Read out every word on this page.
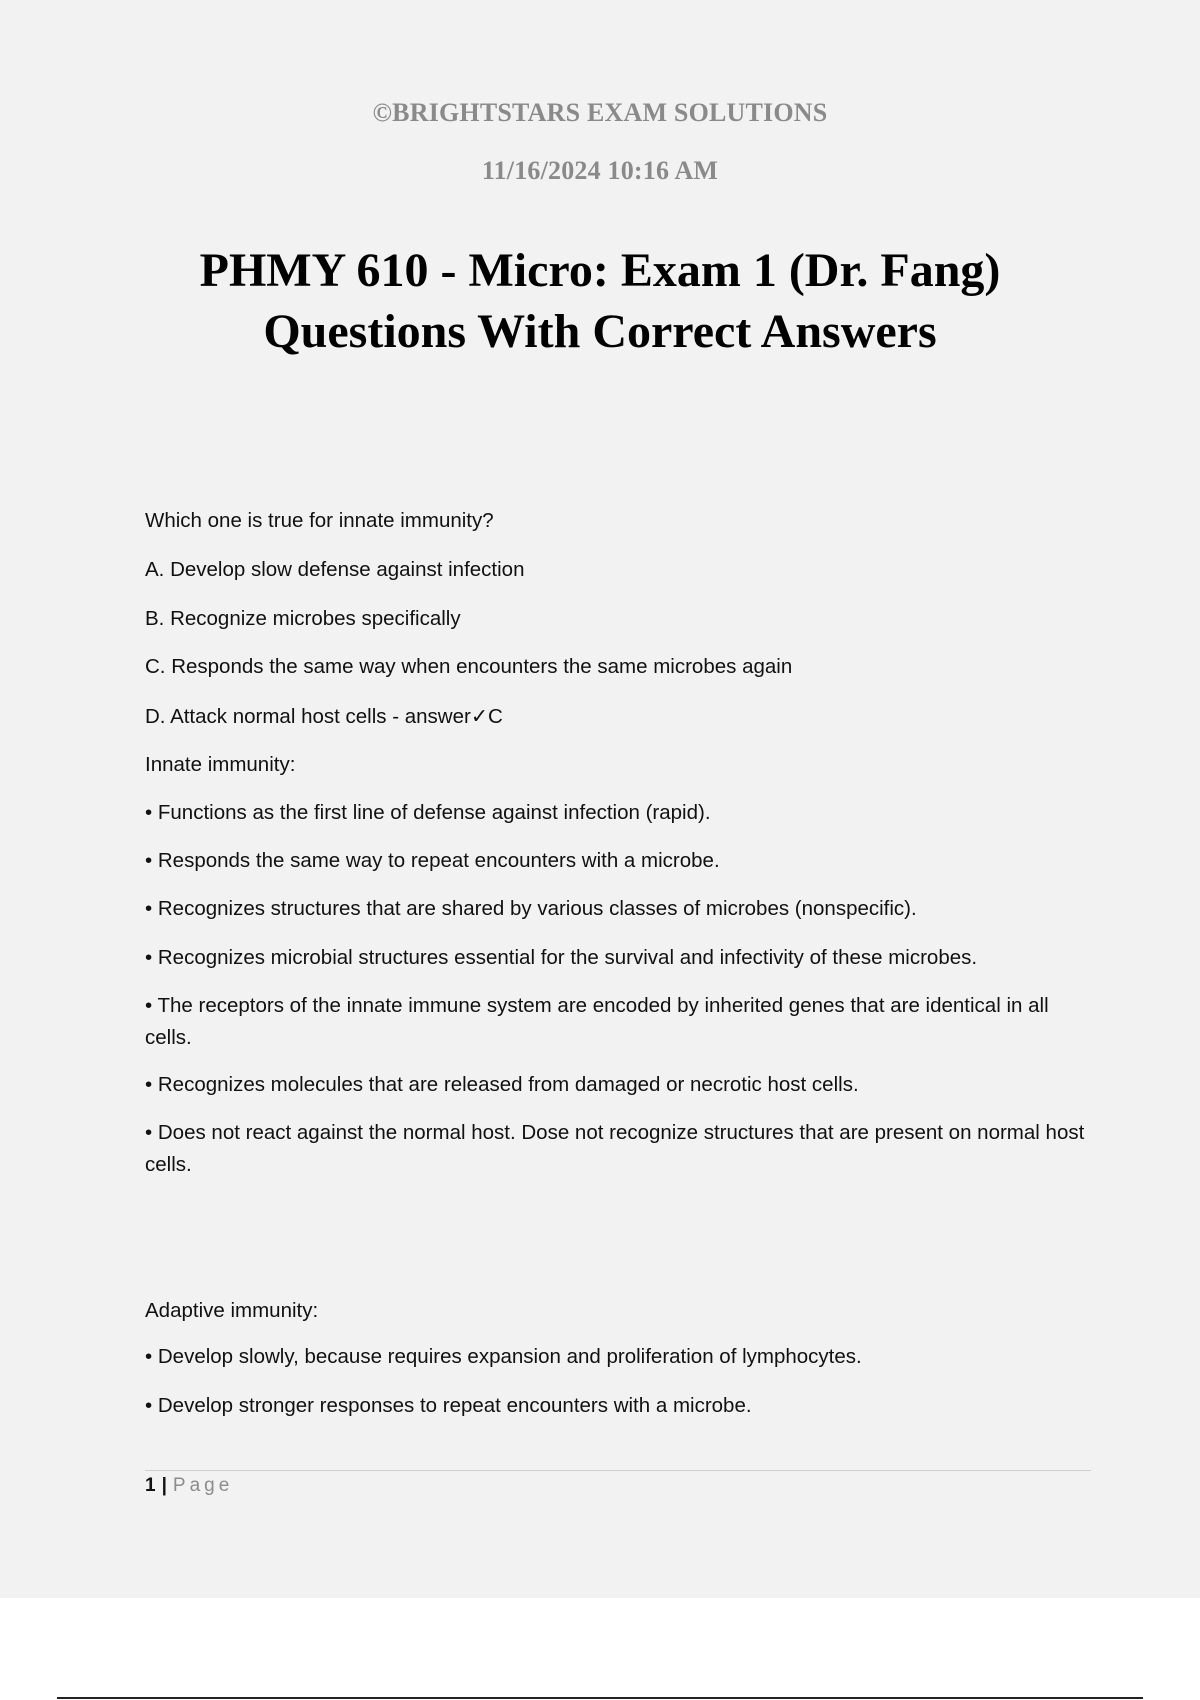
©BRIGHTSTARS EXAM SOLUTIONS
11/16/2024 10:16 AM
PHMY 610 - Micro: Exam 1 (Dr. Fang)
Questions With Correct Answers

Which one is true for innate immunity?

A. Develop slow defense against infection

B. Recognize microbes specifically

C. Responds the same way when encounters the same microbes again

D. Attack normal host cells - answer✓C

Innate immunity:

• Functions as the first line of defense against infection (rapid).

• Responds the same way to repeat encounters with a microbe.

• Recognizes structures that are shared by various classes of microbes (nonspecific).

• Recognizes microbial structures essential for the survival and infectivity of these microbes.

• The receptors of the innate immune system are encoded by inherited genes that are identical in all cells.

• Recognizes molecules that are released from damaged or necrotic host cells.

• Does not react against the normal host. Dose not recognize structures that are present on normal host cells.

Adaptive immunity:

• Develop slowly, because requires expansion and proliferation of lymphocytes.

• Develop stronger responses to repeat encounters with a microbe.

1 | Page
